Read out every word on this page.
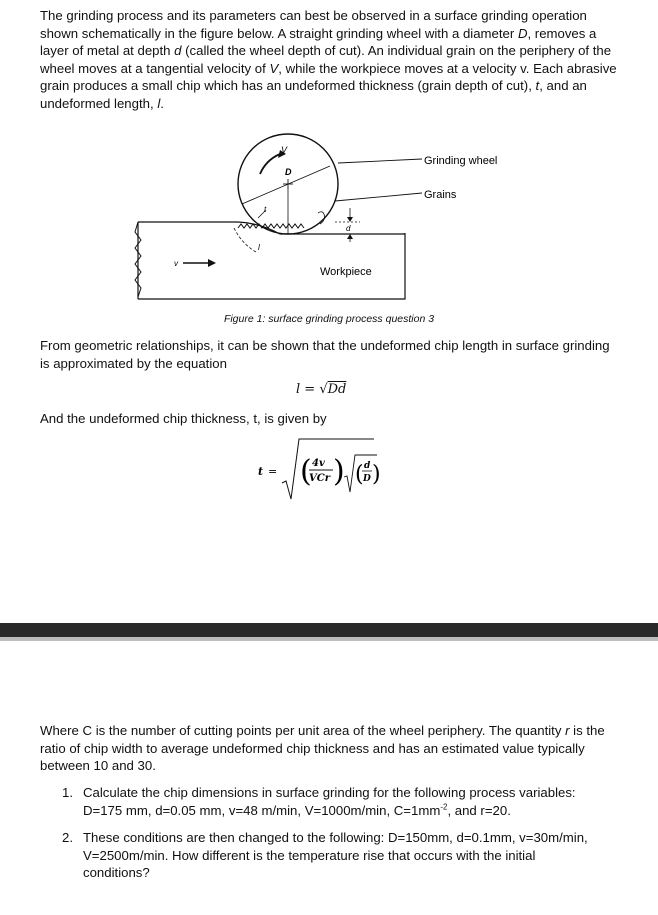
The grinding process and its parameters can best be observed in a surface grinding operation shown schematically in the figure below. A straight grinding wheel with a diameter D, removes a layer of metal at depth d (called the wheel depth of cut). An individual grain on the periphery of the wheel moves at a tangential velocity of V, while the workpiece moves at a velocity v. Each abrasive grain produces a small chip which has an undeformed thickness (grain depth of cut), t, and an undeformed length, l.
V
D
t
l
d
v
Grinding wheel
Grains
Workpiece
Figure 1: surface grinding process question 3
From geometric relationships, it can be shown that the undeformed chip length in surface grinding is approximated by the equation
l = √Dd
And the undeformed chip thickness, t, is given by
t = ( 4v
VCr ) ( d
D )
Where C is the number of cutting points per unit area of the wheel periphery. The quantity r is the ratio of chip width to average undeformed chip thickness and has an estimated value typically between 10 and 30.
1. Calculate the chip dimensions in surface grinding for the following process variables: D=175 mm, d=0.05 mm, v=48 m/min, V=1000m/min, $C=1mm^{-2}$, and r=20.
2. These conditions are then changed to the following: D=150mm, d=0.1mm, v=30m/min, V=2500m/min. How different is the temperature rise that occurs with the initial conditions?
